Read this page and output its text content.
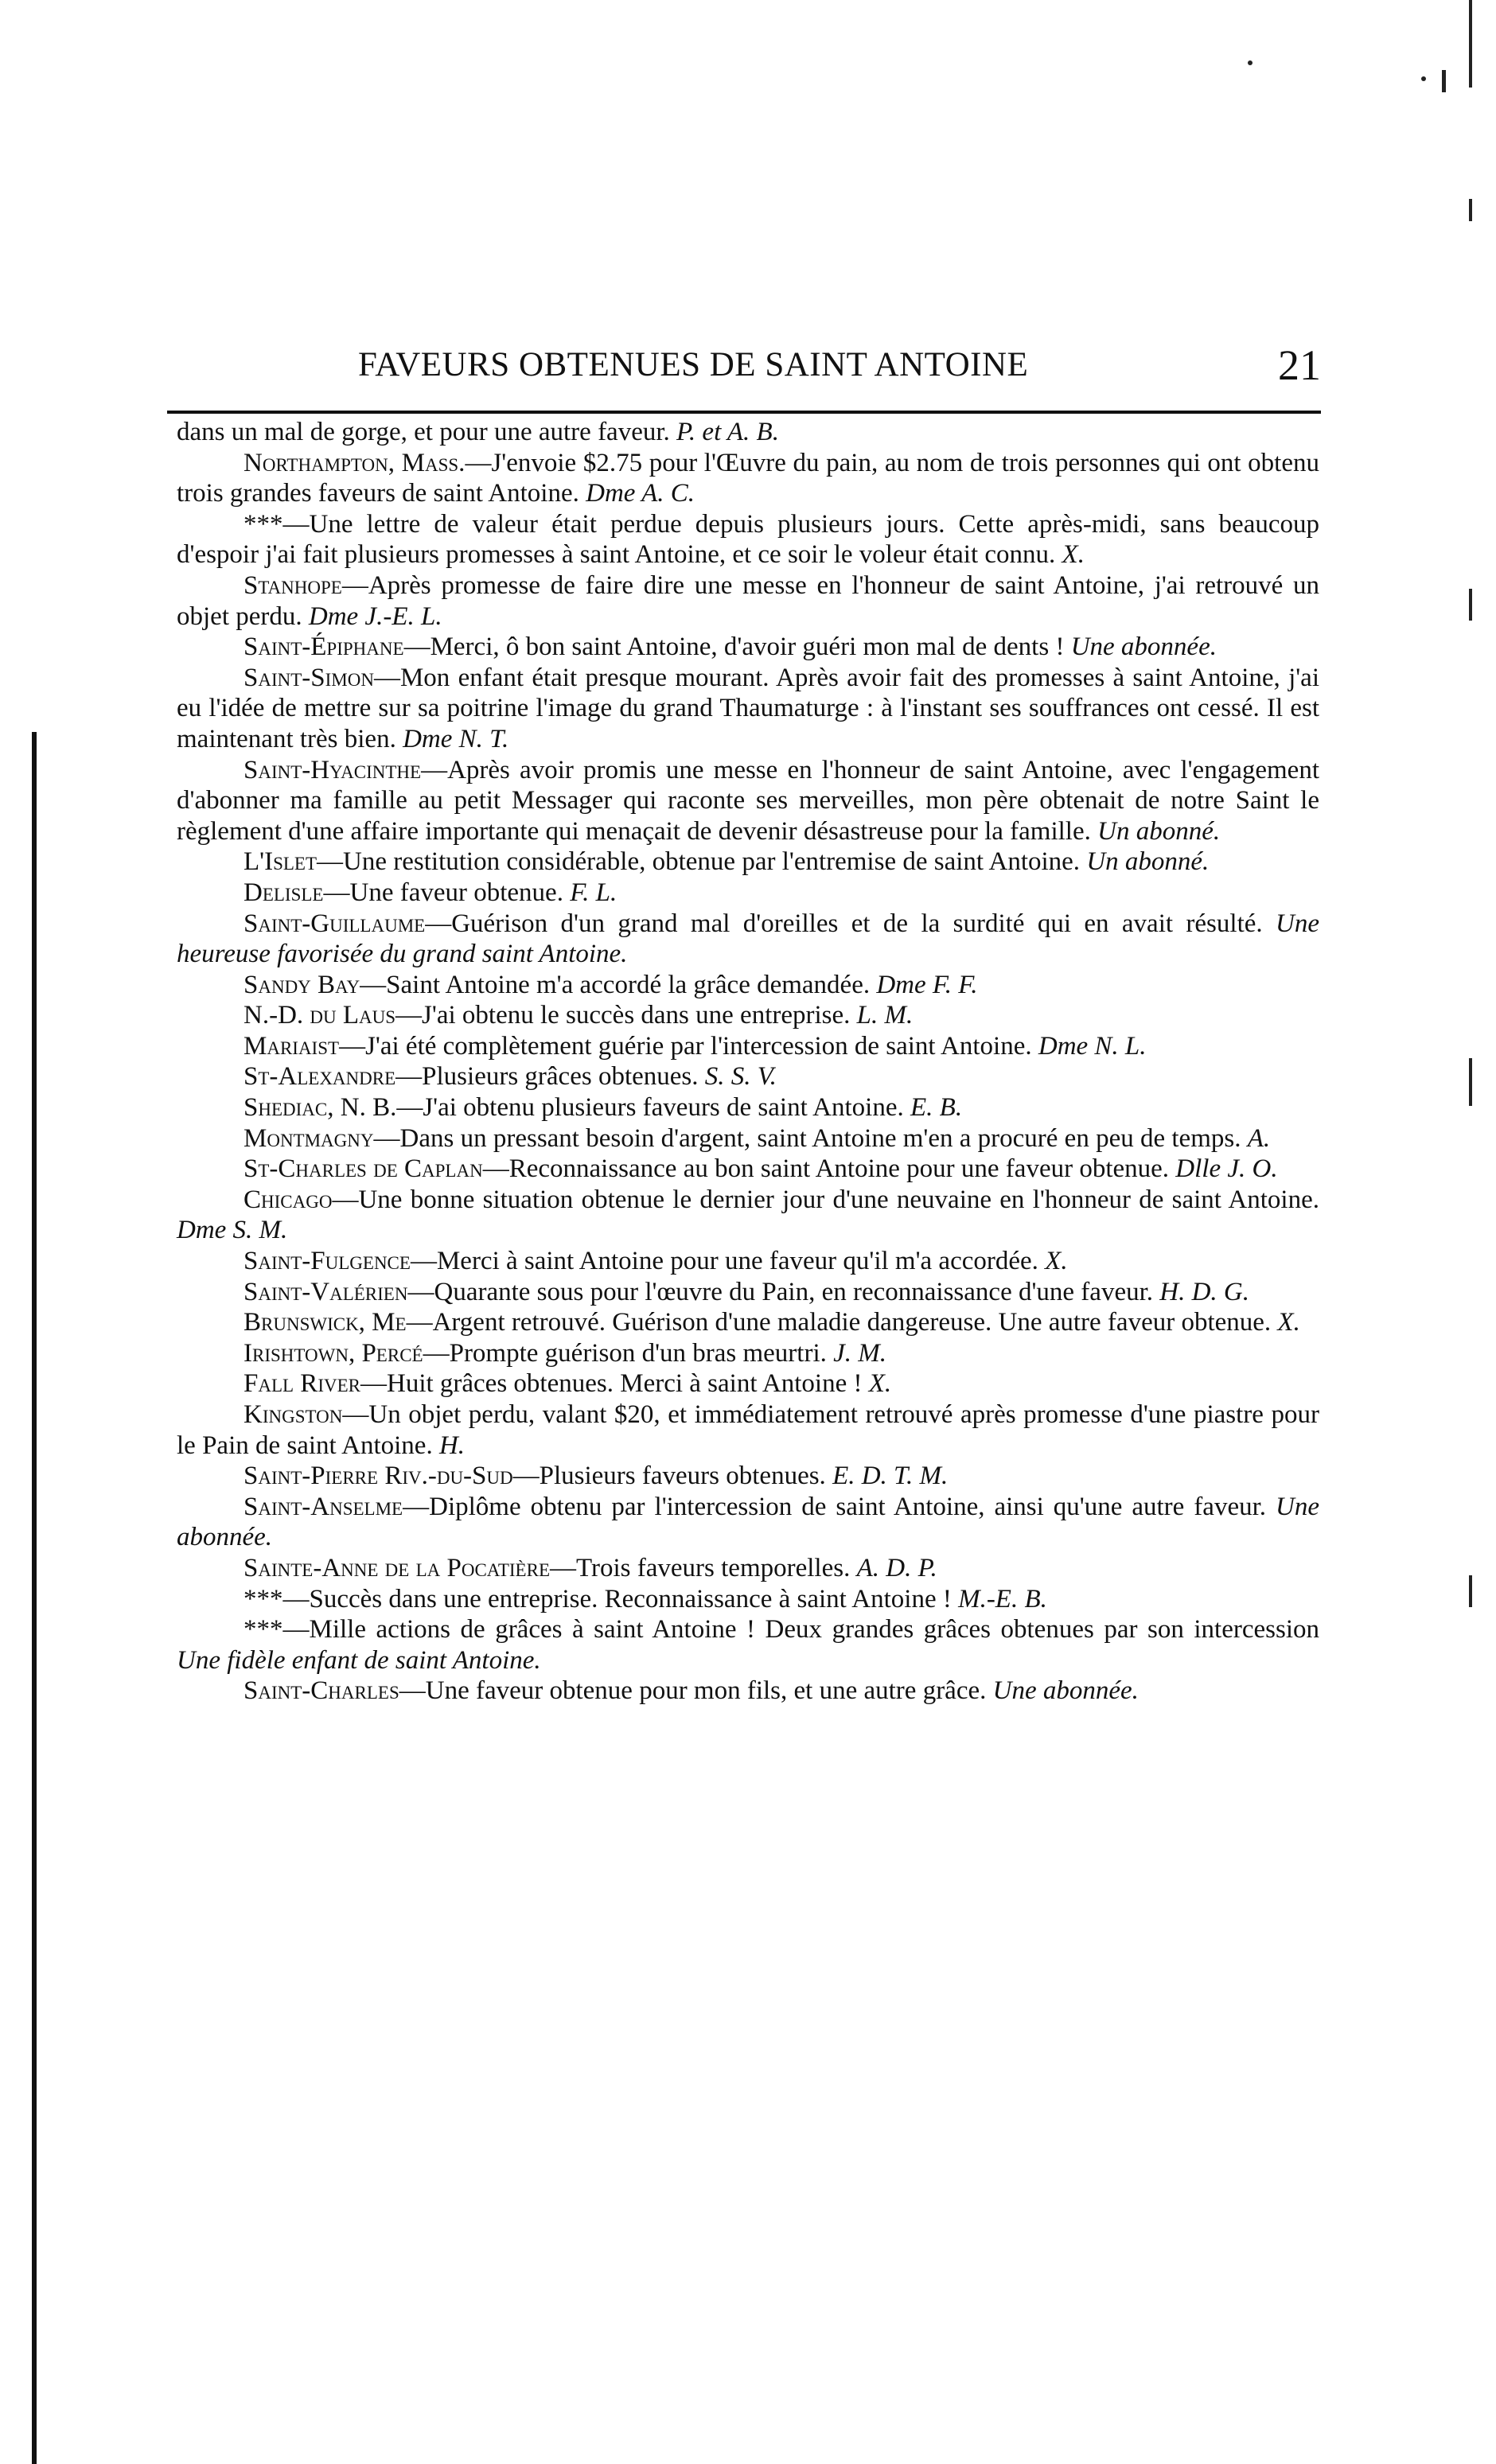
FAVEURS OBTENUES DE SAINT ANTOINE	21

dans un mal de gorge, et pour une autre faveur. P. et A. B.

Northampton, Mass.—J'envoie $2.75 pour l'Œuvre du pain, au nom de trois personnes qui ont obtenu trois grandes faveurs de saint Antoine. Dme A. C.

***—Une lettre de valeur était perdue depuis plusieurs jours. Cette après-midi, sans beaucoup d'espoir j'ai fait plusieurs promesses à saint Antoine, et ce soir le voleur était connu. X.

Stanhope—Après promesse de faire dire une messe en l'honneur de saint Antoine, j'ai retrouvé un objet perdu. Dme J.-E. L.

Saint-Épiphane—Merci, ô bon saint Antoine, d'avoir guéri mon mal de dents ! Une abonnée.

Saint-Simon—Mon enfant était presque mourant. Après avoir fait des promesses à saint Antoine, j'ai eu l'idée de mettre sur sa poitrine l'image du grand Thaumaturge : à l'instant ses souffrances ont cessé. Il est maintenant très bien. Dme N. T.

Saint-Hyacinthe—Après avoir promis une messe en l'honneur de saint Antoine, avec l'engagement d'abonner ma famille au petit Messager qui raconte ses merveilles, mon père obtenait de notre Saint le règlement d'une affaire importante qui menaçait de devenir désastreuse pour la famille. Un abonné.

L'Islet—Une restitution considérable, obtenue par l'entremise de saint Antoine. Un abonné.

Delisle—Une faveur obtenue. F. L.

Saint-Guillaume—Guérison d'un grand mal d'oreilles et de la surdité qui en avait résulté. Une heureuse favorisée du grand saint Antoine.

Sandy Bay—Saint Antoine m'a accordé la grâce demandée. Dme F. F.

N.-D. du Laus—J'ai obtenu le succès dans une entreprise. L. M.

Mariaist—J'ai été complètement guérie par l'intercession de saint Antoine. Dme N. L.

St-Alexandre—Plusieurs grâces obtenues. S. S. V.

Shediac, N. B.—J'ai obtenu plusieurs faveurs de saint Antoine. E. B.

Montmagny—Dans un pressant besoin d'argent, saint Antoine m'en a procuré en peu de temps. A.

St-Charles de Caplan—Reconnaissance au bon saint Antoine pour une faveur obtenue. Dlle J. O.

Chicago—Une bonne situation obtenue le dernier jour d'une neuvaine en l'honneur de saint Antoine. Dme S. M.

Saint-Fulgence—Merci à saint Antoine pour une faveur qu'il m'a accordée. X.

Saint-Valérien—Quarante sous pour l'œuvre du Pain, en reconnaissance d'une faveur. H. D. G.

Brunswick, Me—Argent retrouvé. Guérison d'une maladie dangereuse. Une autre faveur obtenue. X.

Irishtown, Percé—Prompte guérison d'un bras meurtri. J. M.

Fall River—Huit grâces obtenues. Merci à saint Antoine ! X.

Kingston—Un objet perdu, valant $20, et immédiatement retrouvé après promesse d'une piastre pour le Pain de saint Antoine. H.

Saint-Pierre Riv.-du-Sud—Plusieurs faveurs obtenues. E. D. T. M.

Saint-Anselme—Diplôme obtenu par l'intercession de saint Antoine, ainsi qu'une autre faveur. Une abonnée.

Sainte-Anne de la Pocatière—Trois faveurs temporelles. A. D. P.

***—Succès dans une entreprise. Reconnaissance à saint Antoine ! M.-E. B.

***—Mille actions de grâces à saint Antoine ! Deux grandes grâces obtenues par son intercession Une fidèle enfant de saint Antoine.

Saint-Charles—Une faveur obtenue pour mon fils, et une autre grâce. Une abonnée.
